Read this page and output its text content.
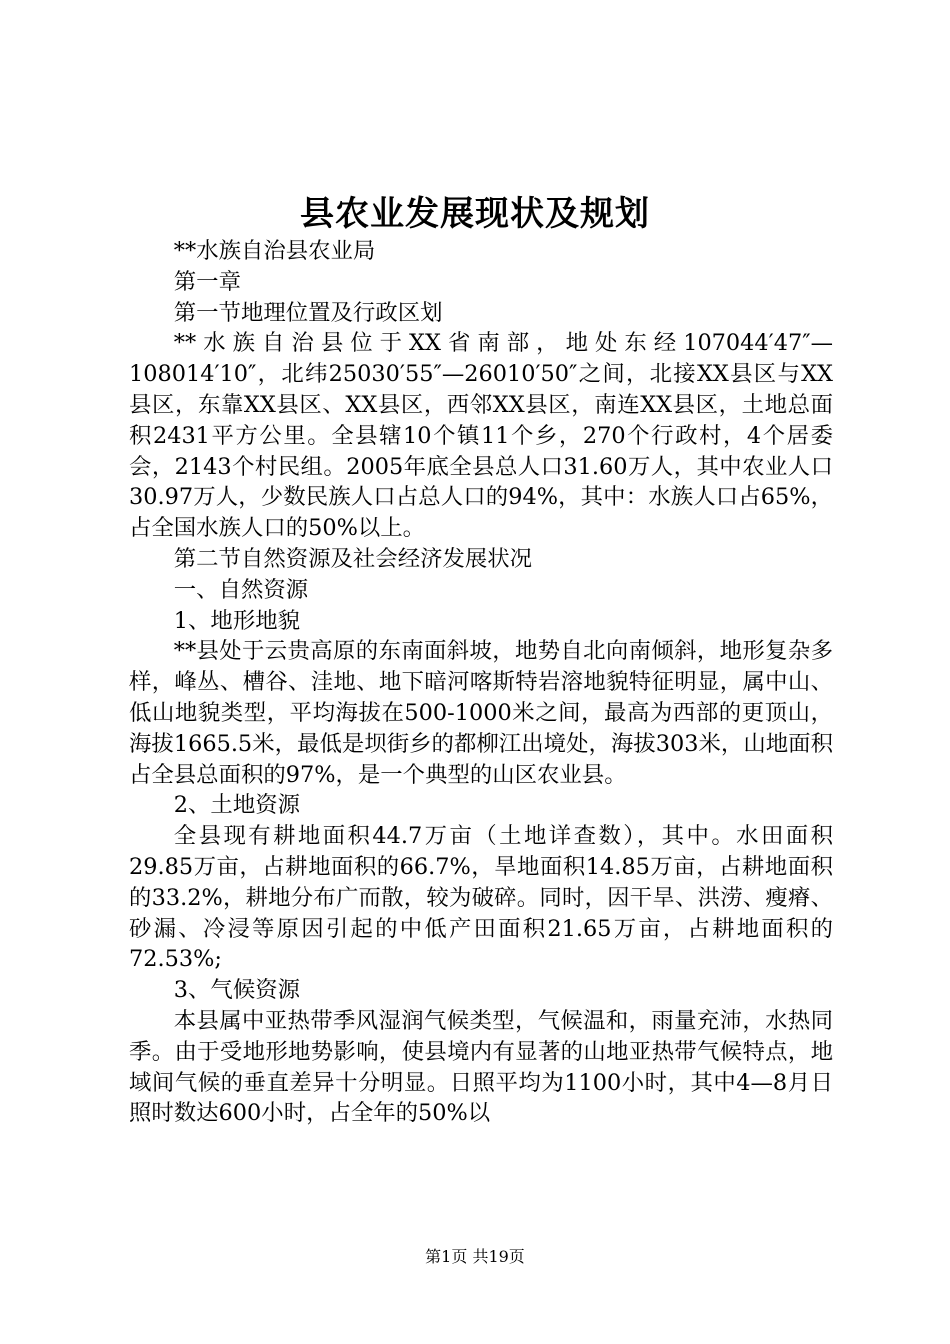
县农业发展现状及规划

**水族自治县农业局

第一章

第一节地理位置及行政区划

**水族自治县位于XX省南部，地处东经107044′47″—108014′10″，北纬25030′55″—26010′50″之间，北接XX县区与XX县区，东靠XX县区、XX县区，西邻XX县区，南连XX县区，土地总面积2431平方公里。全县辖10个镇11个乡，270个行政村，4个居委会，2143个村民组。2005年底全县总人口31.60万人，其中农业人口30.97万人，少数民族人口占总人口的94%，其中：水族人口占65%，占全国水族人口的50%以上。

第二节自然资源及社会经济发展状况

一、自然资源

1、地形地貌

**县处于云贵高原的东南面斜坡，地势自北向南倾斜，地形复杂多样，峰丛、槽谷、洼地、地下暗河喀斯特岩溶地貌特征明显，属中山、低山地貌类型，平均海拔在500-1000米之间，最高为西部的更顶山，海拔1665.5米，最低是坝街乡的都柳江出境处，海拔303米，山地面积占全县总面积的97%，是一个典型的山区农业县。

2、土地资源

全县现有耕地面积44.7万亩（土地详查数），其中。水田面积29.85万亩，占耕地面积的66.7%，旱地面积14.85万亩，占耕地面积的33.2%，耕地分布广而散，较为破碎。同时，因干旱、洪涝、瘦瘠、砂漏、冷浸等原因引起的中低产田面积21.65万亩，占耕地面积的72.53%;

3、气候资源

本县属中亚热带季风湿润气候类型，气候温和，雨量充沛，水热同季。由于受地形地势影响，使县境内有显著的山地亚热带气候特点，地域间气候的垂直差异十分明显。日照平均为1100小时，其中4—8月日照时数达600小时，占全年的50%以

第1页 共19页
